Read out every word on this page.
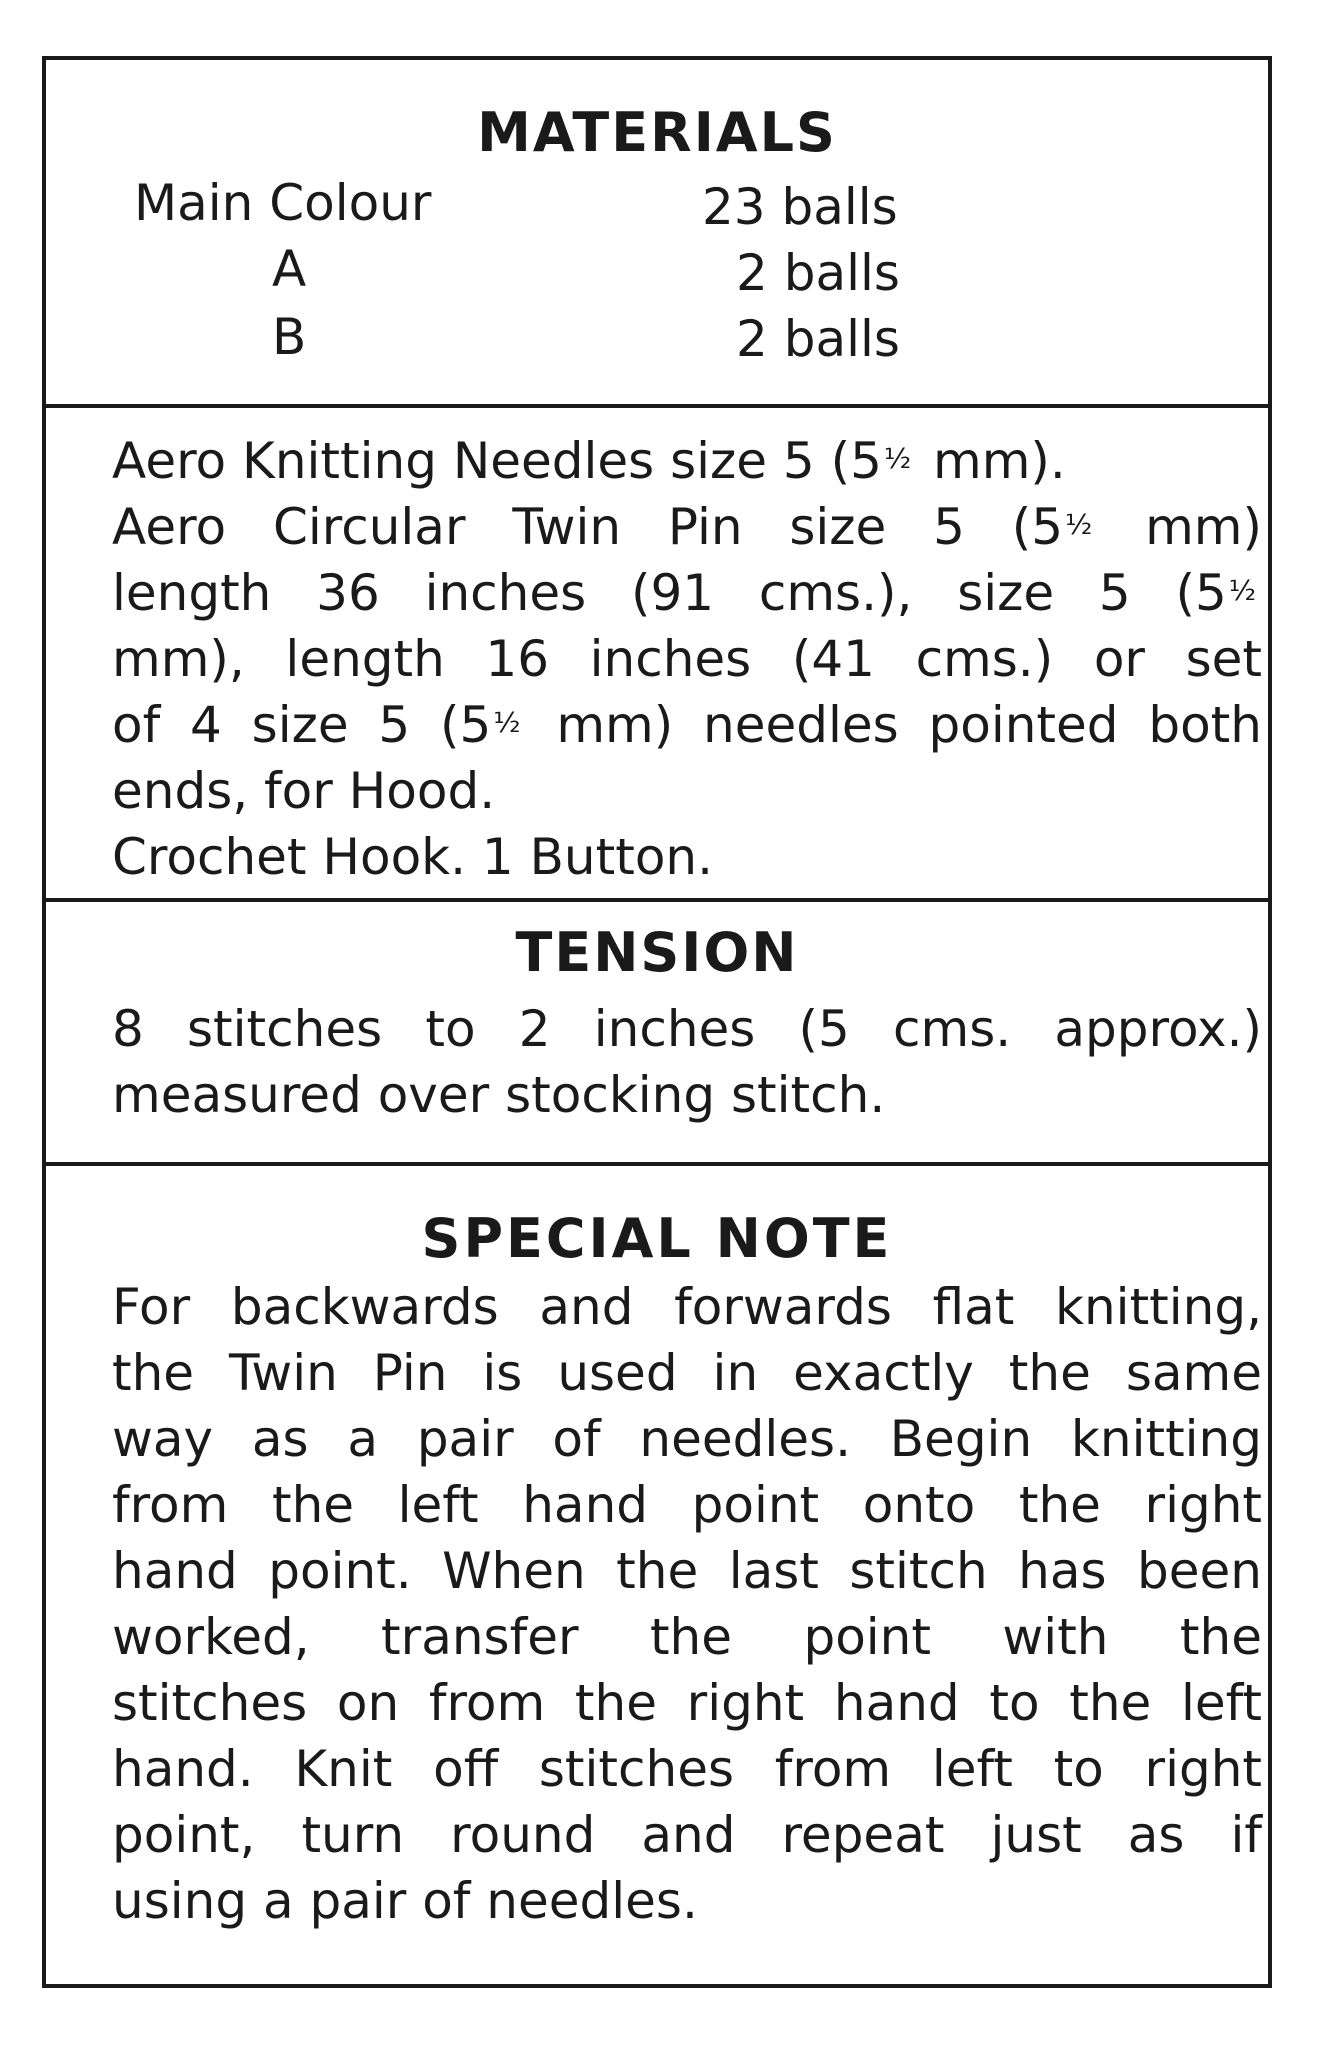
MATERIALS
Main Colour	23 balls
A	2 balls
B	2 balls
Aero Knitting Needles size 5 (5½ mm).
Aero Circular Twin Pin size 5 (5½ mm)
length 36 inches (91 cms.), size 5 (5½
mm), length 16 inches (41 cms.) or set
of 4 size 5 (5½ mm) needles pointed both
ends, for Hood.
Crochet Hook. 1 Button.
TENSION
8 stitches to 2 inches (5 cms. approx.)
measured over stocking stitch.
SPECIAL NOTE
For backwards and forwards flat knitting,
the Twin Pin is used in exactly the same
way as a pair of needles. Begin knitting
from the left hand point onto the right
hand point. When the last stitch has been
worked, transfer the point with the
stitches on from the right hand to the left
hand. Knit off stitches from left to right
point, turn round and repeat just as if
using a pair of needles.
